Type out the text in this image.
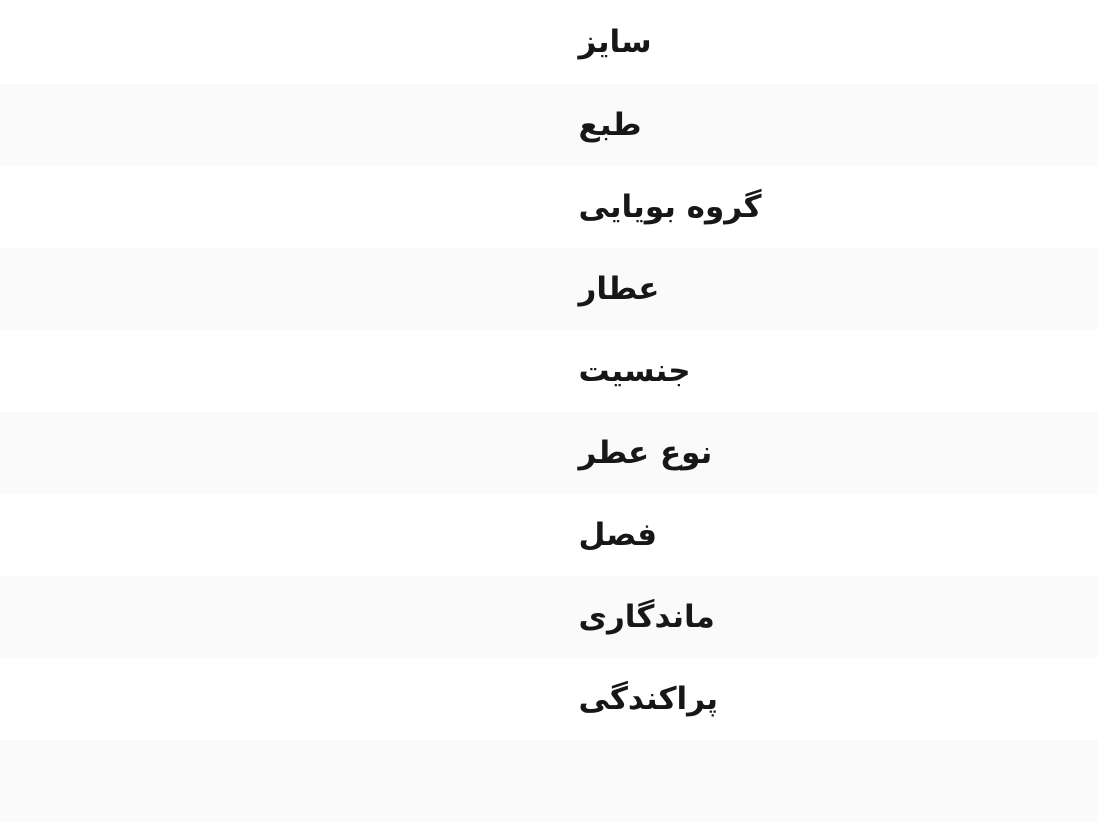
سایز
طبع
گروه بویایی
عطار
جنسیت
نوع عطر
فصل
ماندگاری
پراکندگی
